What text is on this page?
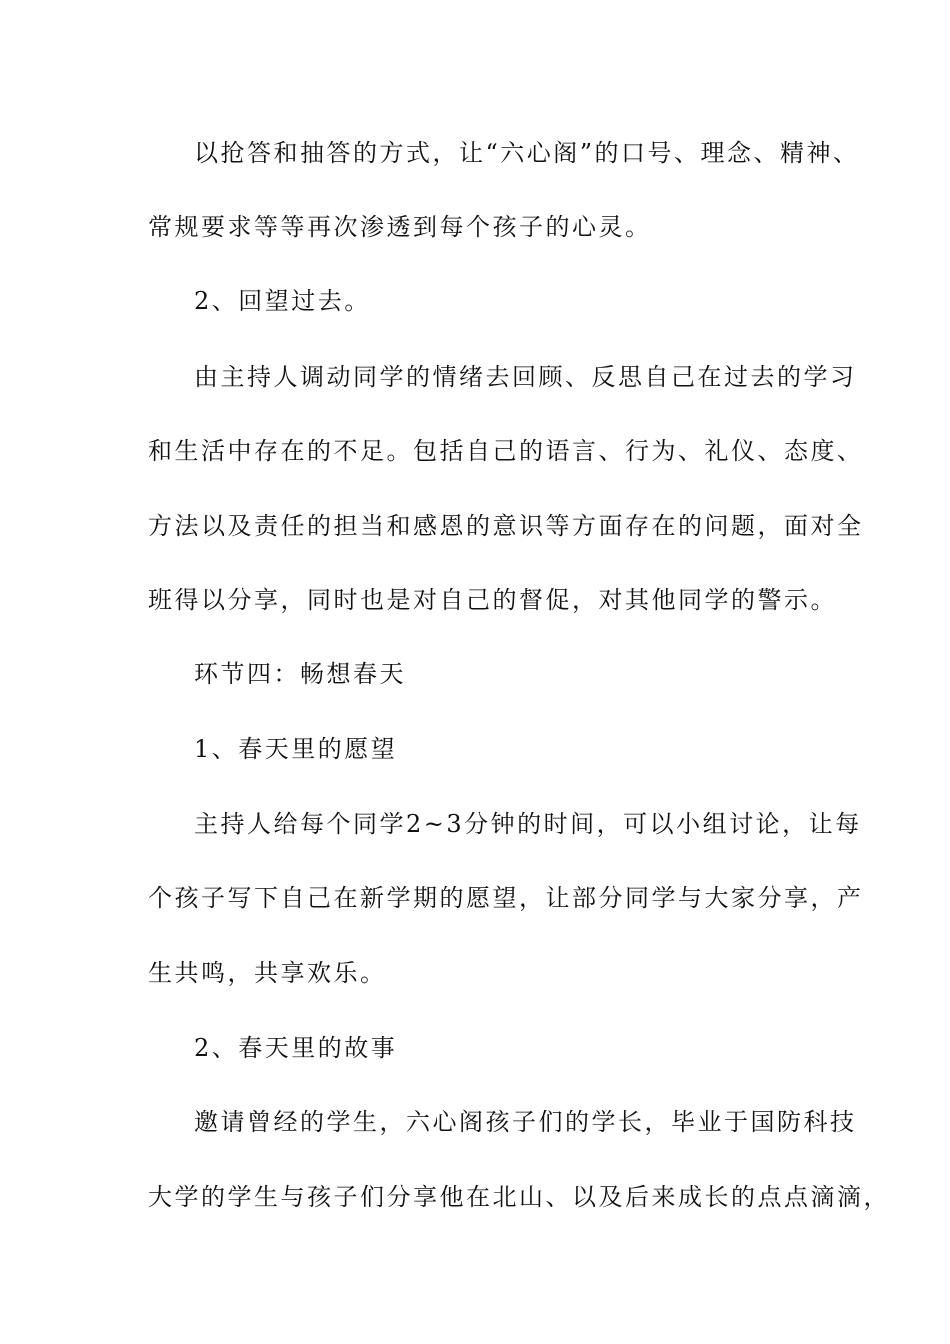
以抢答和抽答的方式，让“六心阁”的口号、理念、精神、

常规要求等等再次渗透到每个孩子的心灵。

2、回望过去。

由主持人调动同学的情绪去回顾、反思自己在过去的学习

和生活中存在的不足。包括自己的语言、行为、礼仪、态度、

方法以及责任的担当和感恩的意识等方面存在的问题，面对全

班得以分享，同时也是对自己的督促，对其他同学的警示。

环节四：畅想春天

1、春天里的愿望

主持人给每个同学2~3分钟的时间，可以小组讨论，让每

个孩子写下自己在新学期的愿望，让部分同学与大家分享，产

生共鸣，共享欢乐。

2、春天里的故事

邀请曾经的学生，六心阁孩子们的学长，毕业于国防科技

大学的学生与孩子们分享他在北山、以及后来成长的点点滴滴，
